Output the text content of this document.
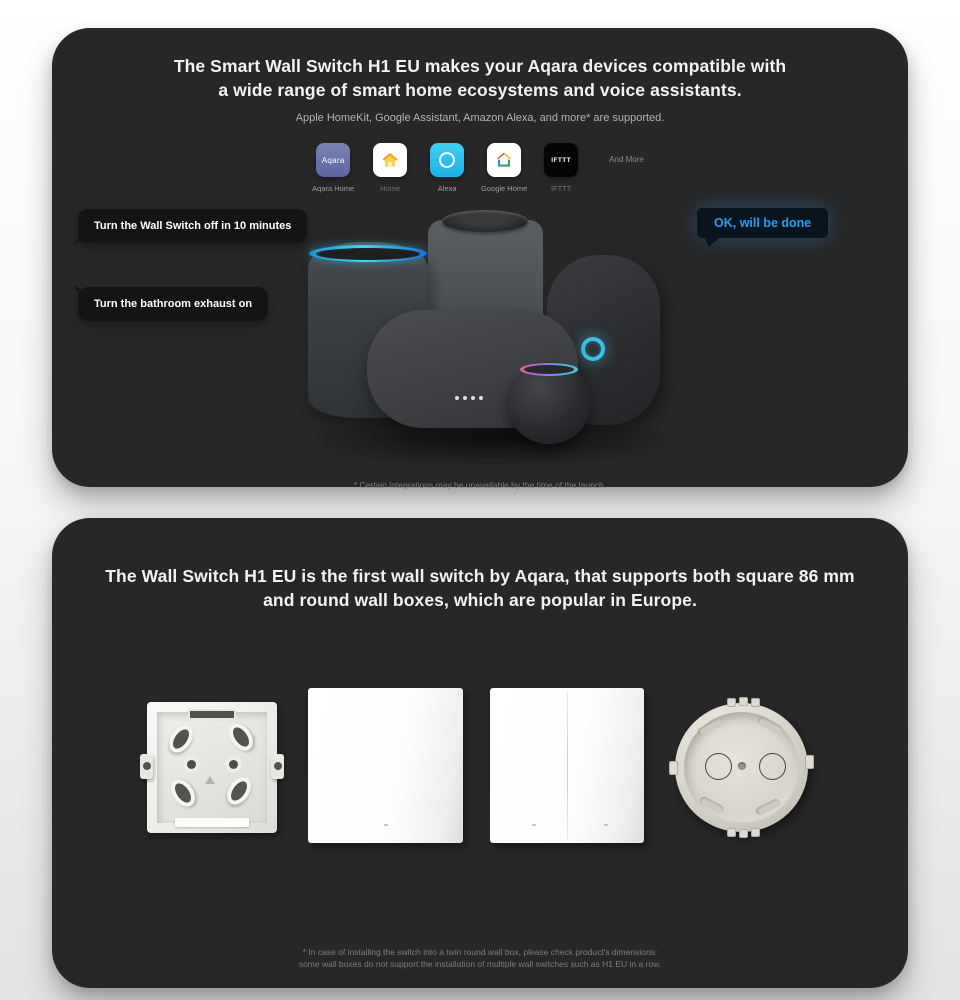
The Smart Wall Switch H1 EU makes your Aqara devices compatible with
a wide range of smart home ecosystems and voice assistants.

Apple HomeKit, Google Assistant, Amazon Alexa, and more* are supported.

Aqara
Aqara Home	Home	Alexa	Google Home
IFTTT
IFTTT
And More
Turn the Wall Switch off in 10 minutes
Turn the bathroom exhaust on
OK, will be done

* Certain integrations may be unavailable by the time of the launch.

The Wall Switch H1 EU is the first wall switch by Aqara, that supports both square 86 mm
and round wall boxes, which are popular in Europe.

* In case of installing the switch into a twin round wall box, please check product's dimensions:
some wall boxes do not support the installation of multiple wall switches such as H1 EU in a row.
